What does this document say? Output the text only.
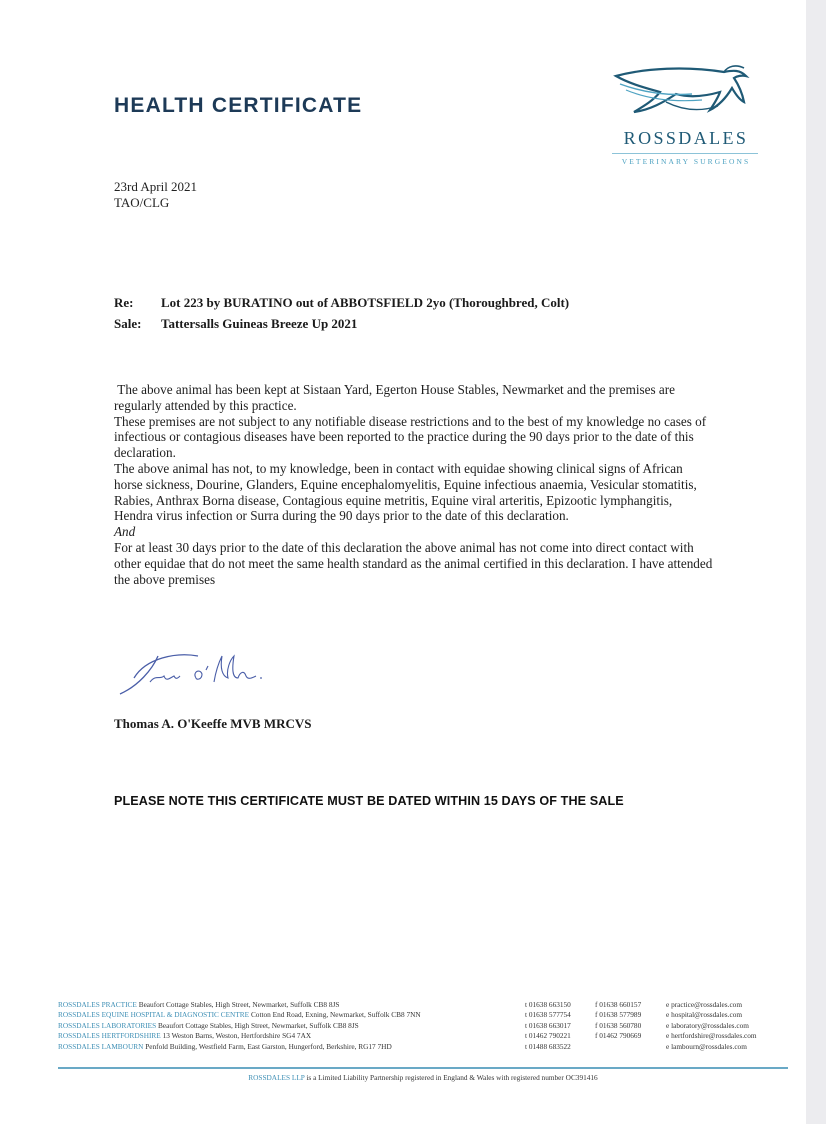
HEALTH CERTIFICATE
ROSSDALES
VETERINARY SURGEONS
23rd April 2021
TAO/CLG
Re: Lot 223 by BURATINO out of ABBOTSFIELD 2yo (Thoroughbred, Colt)
Sale: Tattersalls Guineas Breeze Up 2021

The above animal has been kept at Sistaan Yard, Egerton House Stables, Newmarket and the premises are regularly attended by this practice.

These premises are not subject to any notifiable disease restrictions and to the best of my knowledge no cases of infectious or contagious diseases have been reported to the practice during the 90 days prior to the date of this declaration.

The above animal has not, to my knowledge, been in contact with equidae showing clinical signs of African horse sickness, Dourine, Glanders, Equine encephalomyelitis, Equine infectious anaemia, Vesicular stomatitis, Rabies, Anthrax Borna disease, Contagious equine metritis, Equine viral arteritis, Epizootic lymphangitis, Hendra virus infection or Surra during the 90 days prior to the date of this declaration.

And

For at least 30 days prior to the date of this declaration the above animal has not come into direct contact with other equidae that do not meet the same health standard as the animal certified in this declaration. I have attended the above premises

Thomas A. O'Keeffe MVB MRCVS
PLEASE NOTE THIS CERTIFICATE MUST BE DATED WITHIN 15 DAYS OF THE SALE
ROSSDALES PRACTICE Beaufort Cottage Stables, High Street, Newmarket, Suffolk CB8 8JS	t 01638 663150	f 01638 660157	e practice@rossdales.com
ROSSDALES EQUINE HOSPITAL & DIAGNOSTIC CENTRE Cotton End Road, Exning, Newmarket, Suffolk CB8 7NN	t 01638 577754	f 01638 577989	e hospital@rossdales.com
ROSSDALES LABORATORIES Beaufort Cottage Stables, High Street, Newmarket, Suffolk CB8 8JS	t 01638 663017	f 01638 560780	e laboratory@rossdales.com
ROSSDALES HERTFORDSHIRE 13 Weston Barns, Weston, Hertfordshire SG4 7AX	t 01462 790221	f 01462 790669	e hertfordshire@rossdales.com
ROSSDALES LAMBOURN Penfold Building, Westfield Farm, East Garston, Hungerford, Berkshire, RG17 7HD	t 01488 683522	e lambourn@rossdales.com
ROSSDALES LLP is a Limited Liability Partnership registered in England & Wales with registered number OC391416
